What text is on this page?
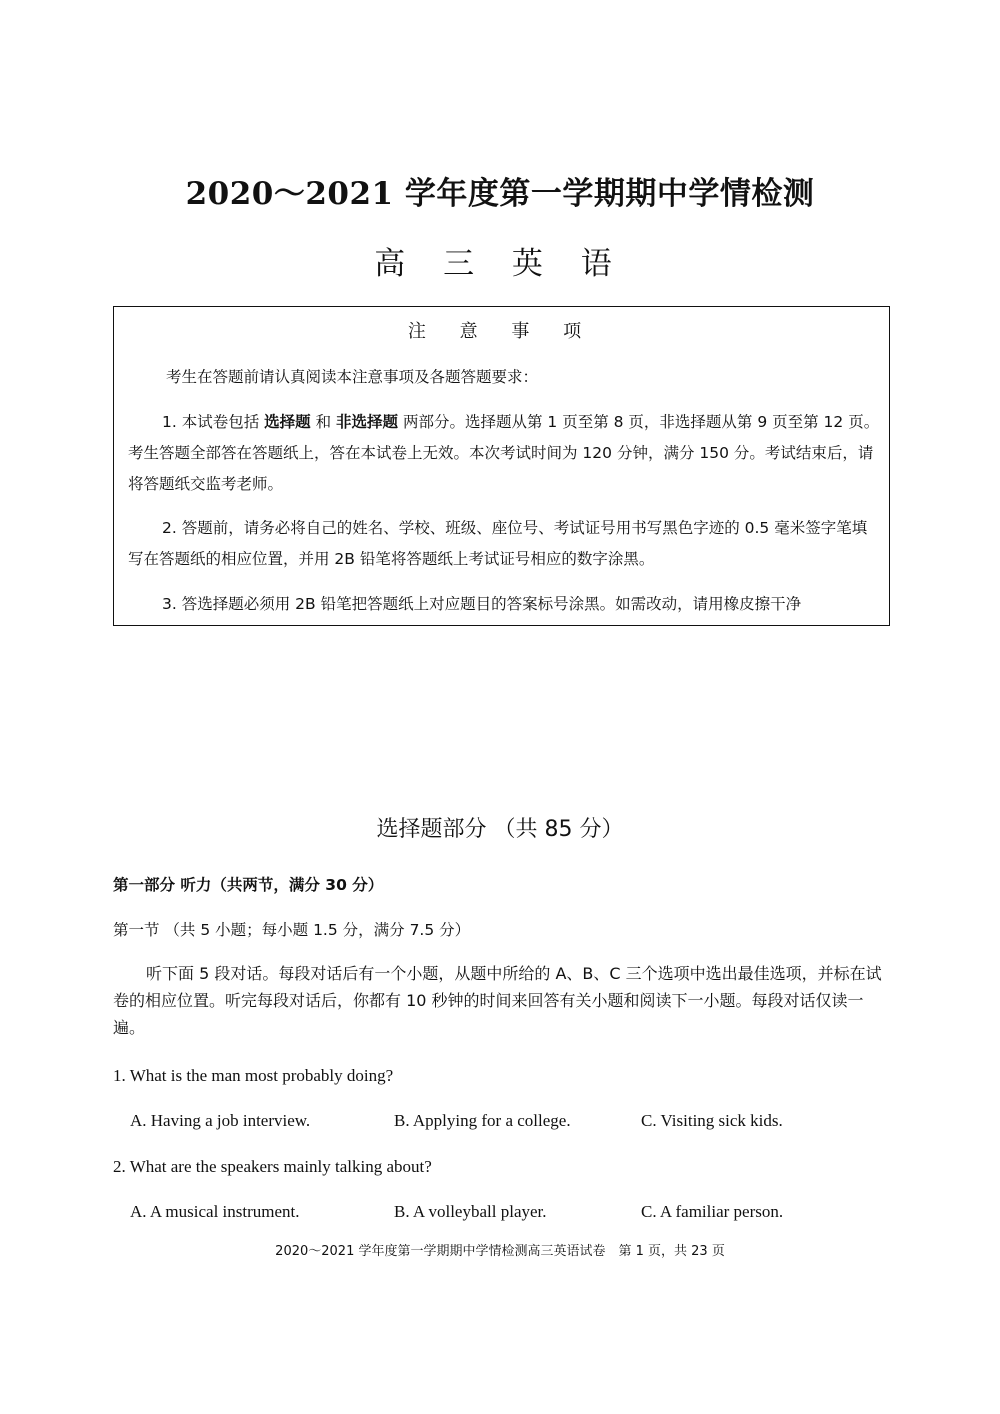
2020～2021 学年度第一学期期中学情检测
高 三 英 语
注 意 事 项
考生在答题前请认真阅读本注意事项及各题答题要求：
1. 本试卷包括 选择题 和 非选择题 两部分。选择题从第 1 页至第 8 页，非选择题从第 9 页至第 12 页。考生答题全部答在答题纸上，答在本试卷上无效。本次考试时间为 120 分钟，满分 150 分。考试结束后，请将答题纸交监考老师。
2. 答题前，请务必将自己的姓名、学校、班级、座位号、考试证号用书写黑色字迹的 0.5 毫米签字笔填写在答题纸的相应位置，并用 2B 铅笔将答题纸上考试证号相应的数字涂黑。
3. 答选择题必须用 2B 铅笔把答题纸上对应题目的答案标号涂黑。如需改动，请用橡皮擦干净
选择题部分 （共 85 分）
第一部分 听力（共两节，满分 30 分）
第一节 （共 5 小题；每小题 1.5 分，满分 7.5 分）
听下面 5 段对话。每段对话后有一个小题，从题中所给的 A、B、C 三个选项中选出最佳选项，并标在试卷的相应位置。听完每段对话后，你都有 10 秒钟的时间来回答有关小题和阅读下一小题。每段对话仅读一遍。
1. What is the man most probably doing?
A. Having a job interview.	B. Applying for a college.	C. Visiting sick kids.
2. What are the speakers mainly talking about?
A. A musical instrument.	B. A volleyball player.	C. A familiar person.
2020～2021 学年度第一学期期中学情检测高三英语试卷　第 1 页，共 23 页
